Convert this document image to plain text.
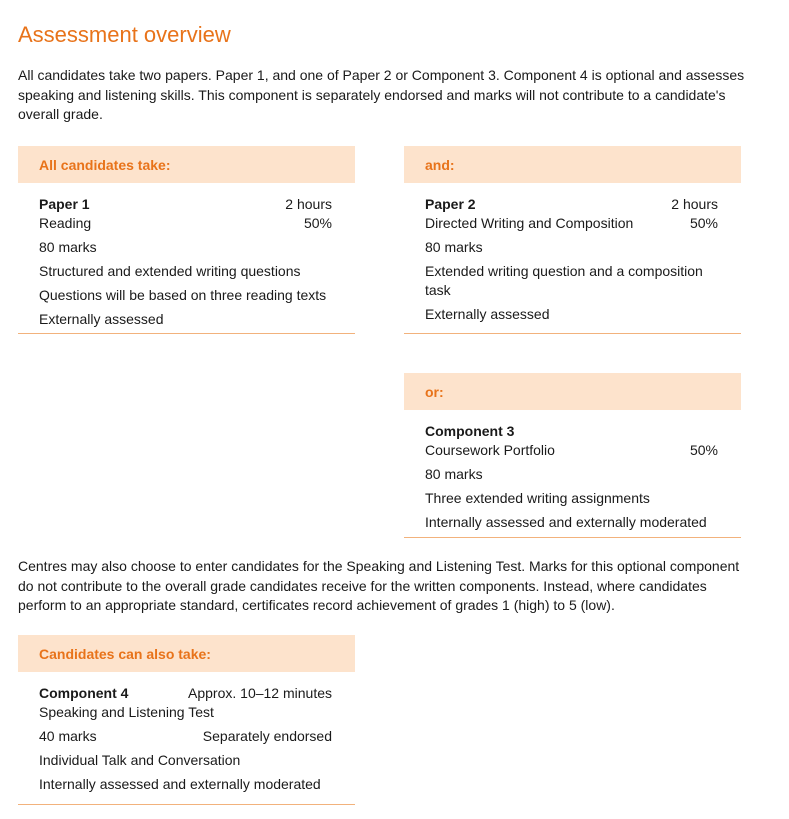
Assessment overview

All candidates take two papers. Paper 1, and one of Paper 2 or Component 3. Component 4 is optional and assesses speaking and listening skills. This component is separately endorsed and marks will not contribute to a candidate's overall grade.

All candidates take:
Paper 1	2 hours
Reading	50%
80 marks
Structured and extended writing questions
Questions will be based on three reading texts
Externally assessed
and:
Paper 2	2 hours
Directed Writing and Composition	50%
80 marks
Extended writing question and a composition task
Externally assessed
or:
Component 3
Coursework Portfolio	50%
80 marks
Three extended writing assignments
Internally assessed and externally moderated

Centres may also choose to enter candidates for the Speaking and Listening Test. Marks for this optional component do not contribute to the overall grade candidates receive for the written components. Instead, where candidates perform to an appropriate standard, certificates record achievement of grades 1 (high) to 5 (low).

Candidates can also take:
Component 4	Approx. 10–12 minutes
Speaking and Listening Test
40 marks	Separately endorsed
Individual Talk and Conversation
Internally assessed and externally moderated
